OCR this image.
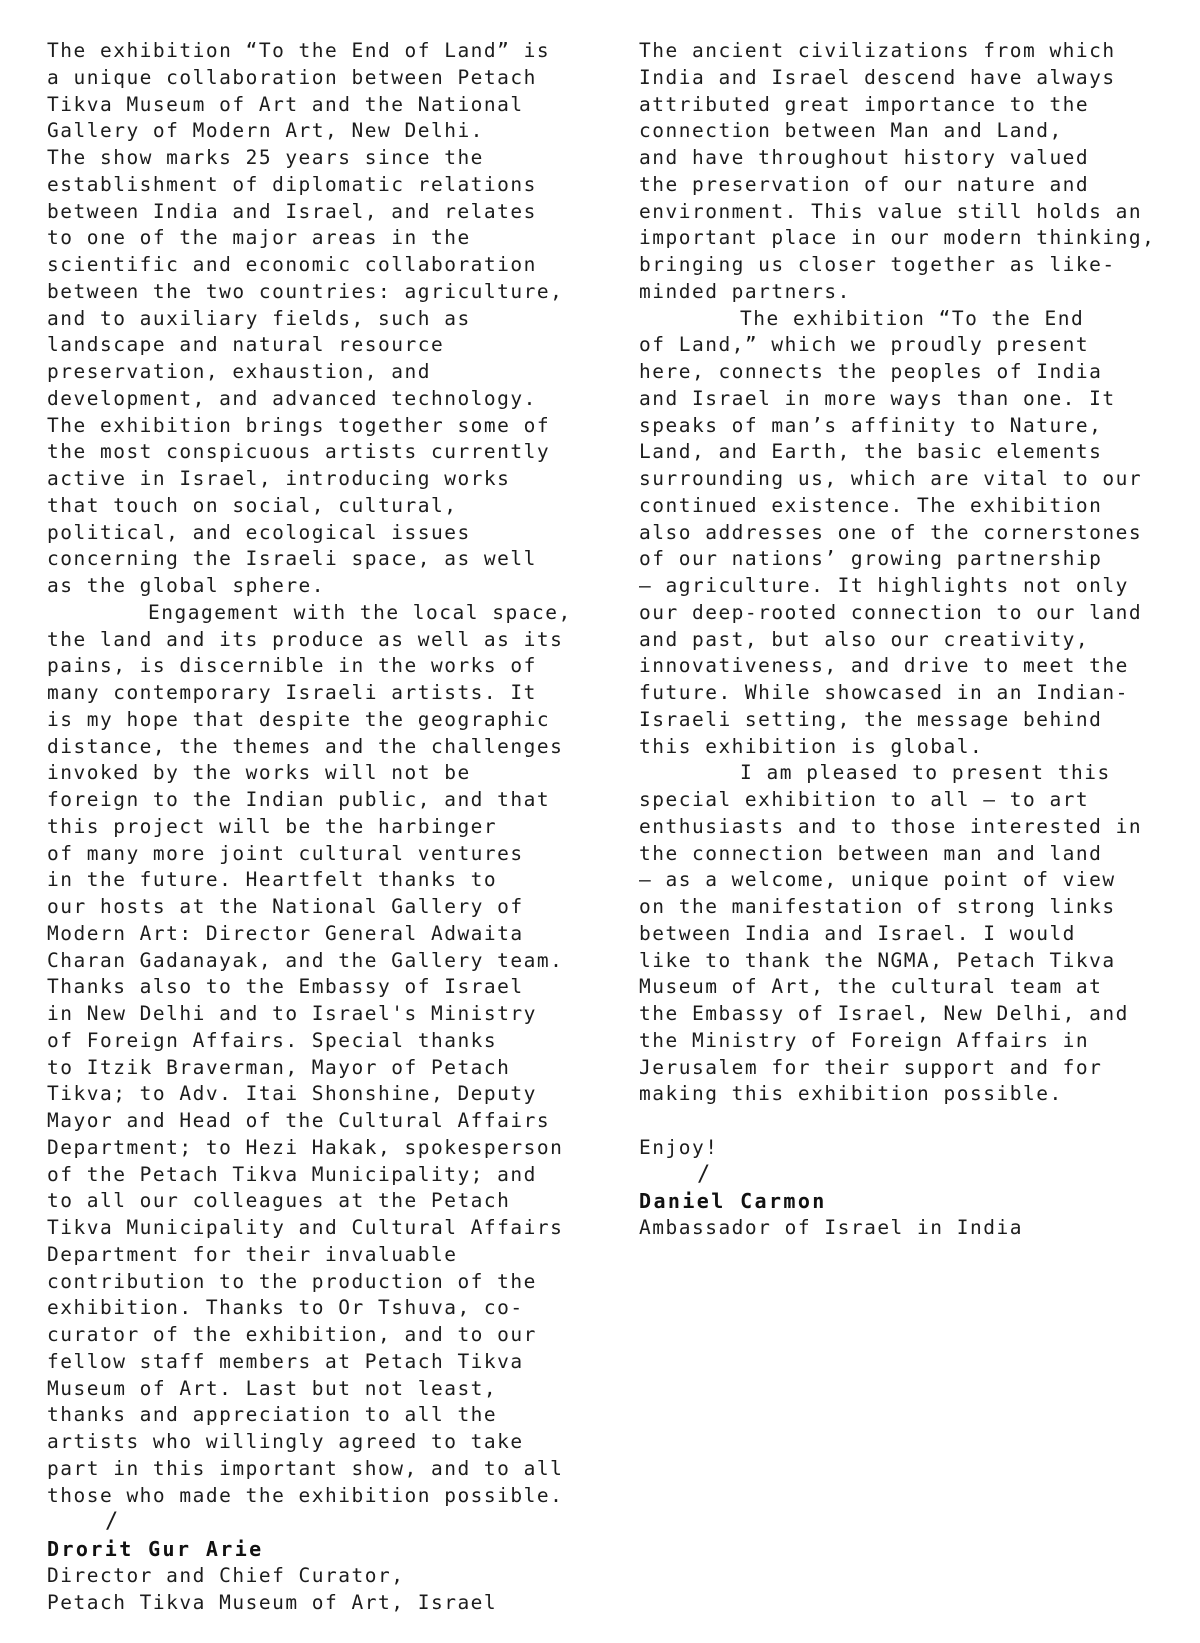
The exhibition “To the End of Land” is
a unique collaboration between Petach
Tikva Museum of Art and the National
Gallery of Modern Art, New Delhi.
The show marks 25 years since the
establishment of diplomatic relations
between India and Israel, and relates
to one of the major areas in the
scientific and economic collaboration
between the two countries: agriculture,
and to auxiliary fields, such as
landscape and natural resource
preservation, exhaustion, and
development, and advanced technology.
The exhibition brings together some of
the most conspicuous artists currently
active in Israel, introducing works
that touch on social, cultural,
political, and ecological issues
concerning the Israeli space, as well
as the global sphere.
Engagement with the local space,
the land and its produce as well as its
pains, is discernible in the works of
many contemporary Israeli artists. It
is my hope that despite the geographic
distance, the themes and the challenges
invoked by the works will not be
foreign to the Indian public, and that
this project will be the harbinger
of many more joint cultural ventures
in the future. Heartfelt thanks to
our hosts at the National Gallery of
Modern Art: Director General Adwaita
Charan Gadanayak, and the Gallery team.
Thanks also to the Embassy of Israel
in New Delhi and to Israel's Ministry
of Foreign Affairs. Special thanks
to Itzik Braverman, Mayor of Petach
Tikva; to Adv. Itai Shonshine, Deputy
Mayor and Head of the Cultural Affairs
Department; to Hezi Hakak, spokesperson
of the Petach Tikva Municipality; and
to all our colleagues at the Petach
Tikva Municipality and Cultural Affairs
Department for their invaluable
contribution to the production of the
exhibition. Thanks to Or Tshuva, co-
curator of the exhibition, and to our
fellow staff members at Petach Tikva
Museum of Art. Last but not least,
thanks and appreciation to all the
artists who willingly agreed to take
part in this important show, and to all
those who made the exhibition possible.
/
Drorit Gur Arie
Director and Chief Curator,
Petach Tikva Museum of Art, Israel
The ancient civilizations from which
India and Israel descend have always
attributed great importance to the
connection between Man and Land,
and have throughout history valued
the preservation of our nature and
environment. This value still holds an
important place in our modern thinking,
bringing us closer together as like-
minded partners.
The exhibition “To the End
of Land,” which we proudly present
here, connects the peoples of India
and Israel in more ways than one. It
speaks of man’s affinity to Nature,
Land, and Earth, the basic elements
surrounding us, which are vital to our
continued existence. The exhibition
also addresses one of the cornerstones
of our nations’ growing partnership
— agriculture. It highlights not only
our deep-rooted connection to our land
and past, but also our creativity,
innovativeness, and drive to meet the
future. While showcased in an Indian-
Israeli setting, the message behind
this exhibition is global.
I am pleased to present this
special exhibition to all — to art
enthusiasts and to those interested in
the connection between man and land
— as a welcome, unique point of view
on the manifestation of strong links
between India and Israel. I would
like to thank the NGMA, Petach Tikva
Museum of Art, the cultural team at
the Embassy of Israel, New Delhi, and
the Ministry of Foreign Affairs in
Jerusalem for their support and for
making this exhibition possible.
Enjoy!
/
Daniel Carmon
Ambassador of Israel in India
